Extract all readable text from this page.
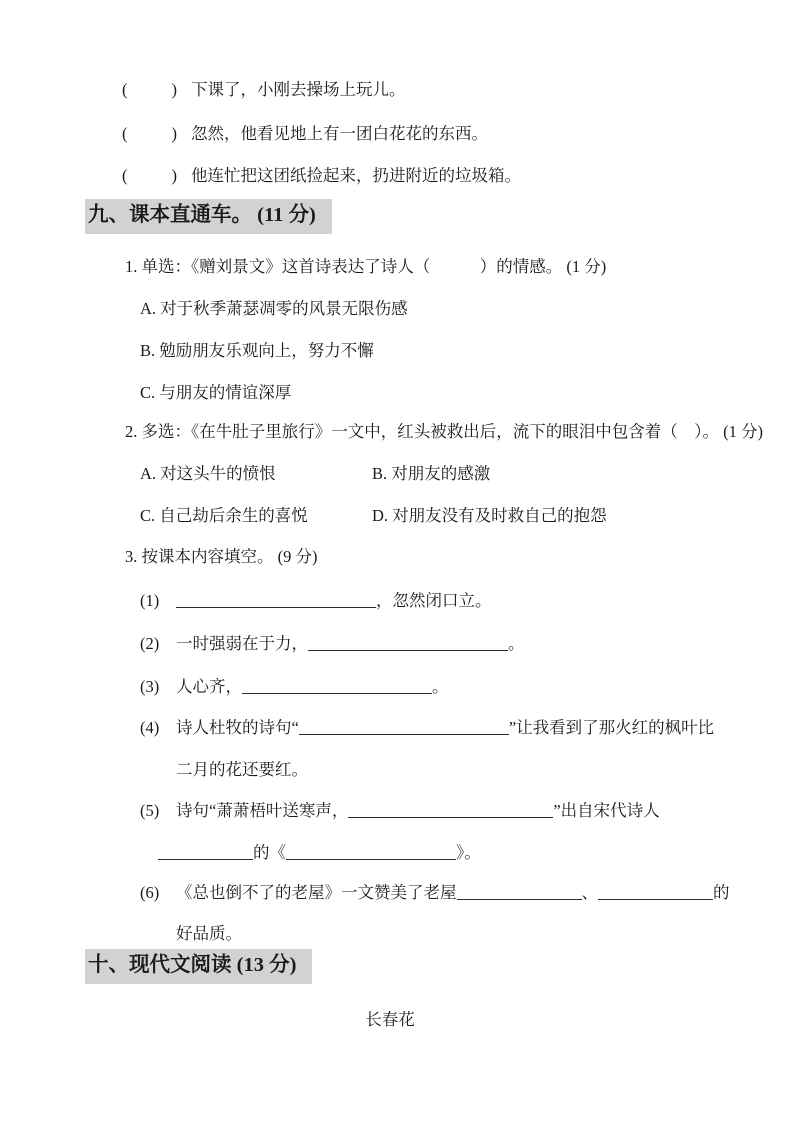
(	) 下课了，小刚去操场上玩儿。
(	) 忽然，他看见地上有一团白花花的东西。
(	) 他连忙把这团纸捡起来，扔进附近的垃圾箱。
九、课本直通车。 (11 分)
1. 单选：《赠刘景文》这首诗表达了诗人（　　　）的情感。 (1 分)
A. 对于秋季萧瑟凋零的风景无限伤感
B. 勉励朋友乐观向上，努力不懈
C. 与朋友的情谊深厚
2. 多选：《在牛肚子里旅行》一文中，红头被救出后，流下的眼泪中包含着（　）。 (1 分)
A. 对这头牛的愤恨	B. 对朋友的感激
C. 自己劫后余生的喜悦	D. 对朋友没有及时救自己的抱怨
3. 按课本内容填空。 (9 分)
(1)	，忽然闭口立。
(2) 一时强弱在于力，	。
(3) 人心齐，	。
(4) 诗人杜牧的诗句“	”让我看到了那火红的枫叶比
二月的花还要红。
(5) 诗句“萧萧梧叶送寒声，	”出自宋代诗人
的《	》。
(6) 《总也倒不了的老屋》一文赞美了老屋	、	的
好品质。
十、现代文阅读 (13 分)
长春花
